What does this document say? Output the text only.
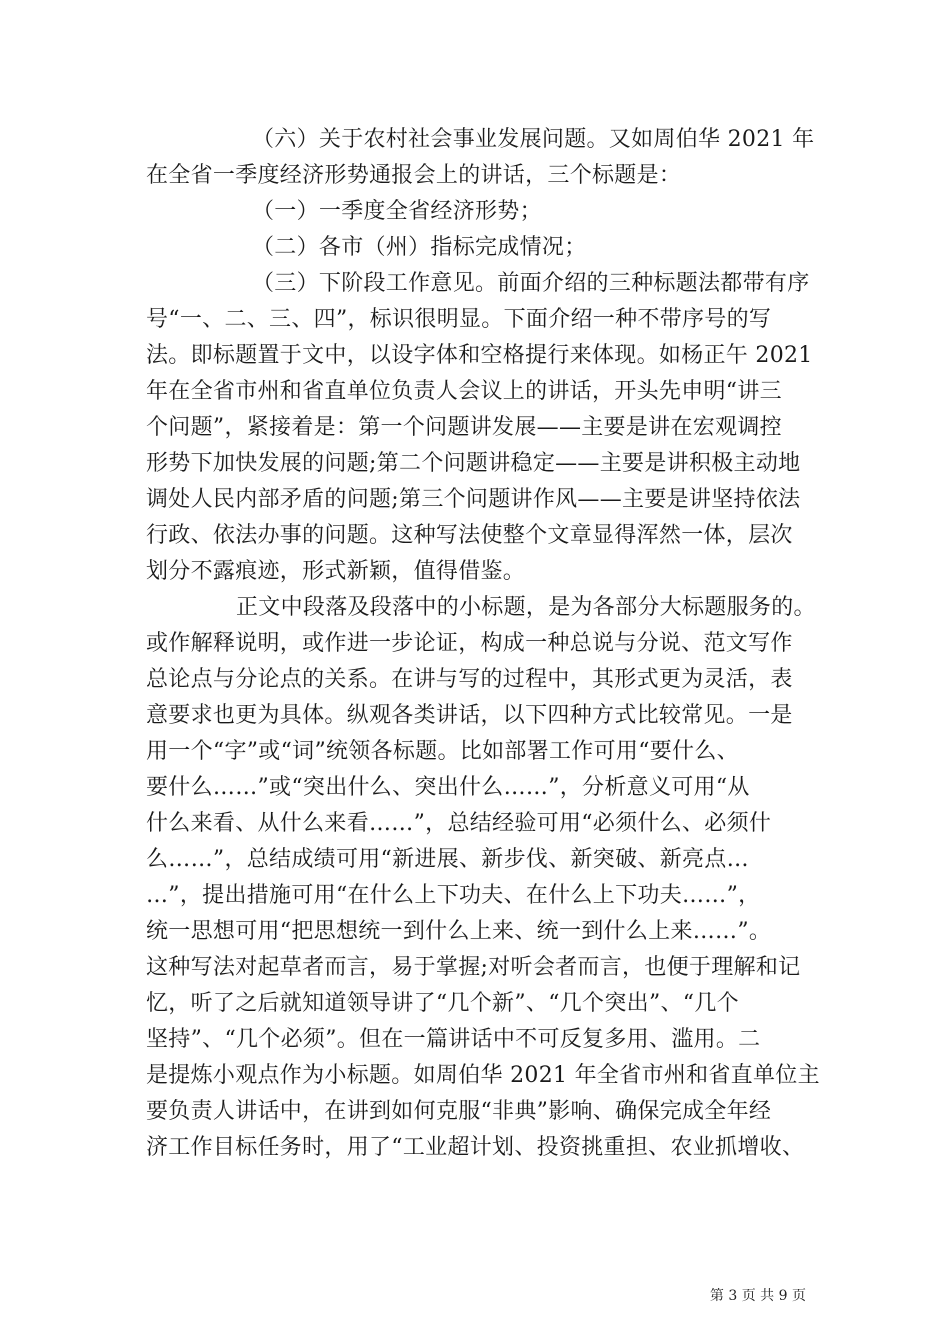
（六）关于农村社会事业发展问题。又如周伯华 2021 年
在全省一季度经济形势通报会上的讲话，三个标题是：
（一）一季度全省经济形势；
（二）各市（州）指标完成情况；
（三）下阶段工作意见。前面介绍的三种标题法都带有序
号“一、二、三、四”，标识很明显。下面介绍一种不带序号的写
法。即标题置于文中，以设字体和空格提行来体现。如杨正午 2021
年在全省市州和省直单位负责人会议上的讲话，开头先申明“讲三
个问题”，紧接着是：第一个问题讲发展——主要是讲在宏观调控
形势下加快发展的问题;第二个问题讲稳定——主要是讲积极主动地
调处人民内部矛盾的问题;第三个问题讲作风——主要是讲坚持依法
行政、依法办事的问题。这种写法使整个文章显得浑然一体，层次
划分不露痕迹，形式新颖，值得借鉴。
正文中段落及段落中的小标题，是为各部分大标题服务的。
或作解释说明，或作进一步论证，构成一种总说与分说、范文写作
总论点与分论点的关系。在讲与写的过程中，其形式更为灵活，表
意要求也更为具体。纵观各类讲话，以下四种方式比较常见。一是
用一个“字”或“词”统领各标题。比如部署工作可用“要什么、
要什么……”或“突出什么、突出什么……”，分析意义可用“从
什么来看、从什么来看……”，总结经验可用“必须什么、必须什
么……”，总结成绩可用“新进展、新步伐、新突破、新亮点…
…”，提出措施可用“在什么上下功夫、在什么上下功夫……”，
统一思想可用“把思想统一到什么上来、统一到什么上来……”。
这种写法对起草者而言，易于掌握;对听会者而言，也便于理解和记
忆，听了之后就知道领导讲了“几个新”、“几个突出”、“几个
坚持”、“几个必须”。但在一篇讲话中不可反复多用、滥用。二
是提炼小观点作为小标题。如周伯华 2021 年全省市州和省直单位主
要负责人讲话中，在讲到如何克服“非典”影响、确保完成全年经
济工作目标任务时，用了“工业超计划、投资挑重担、农业抓增收、
第 3 页 共 9 页
